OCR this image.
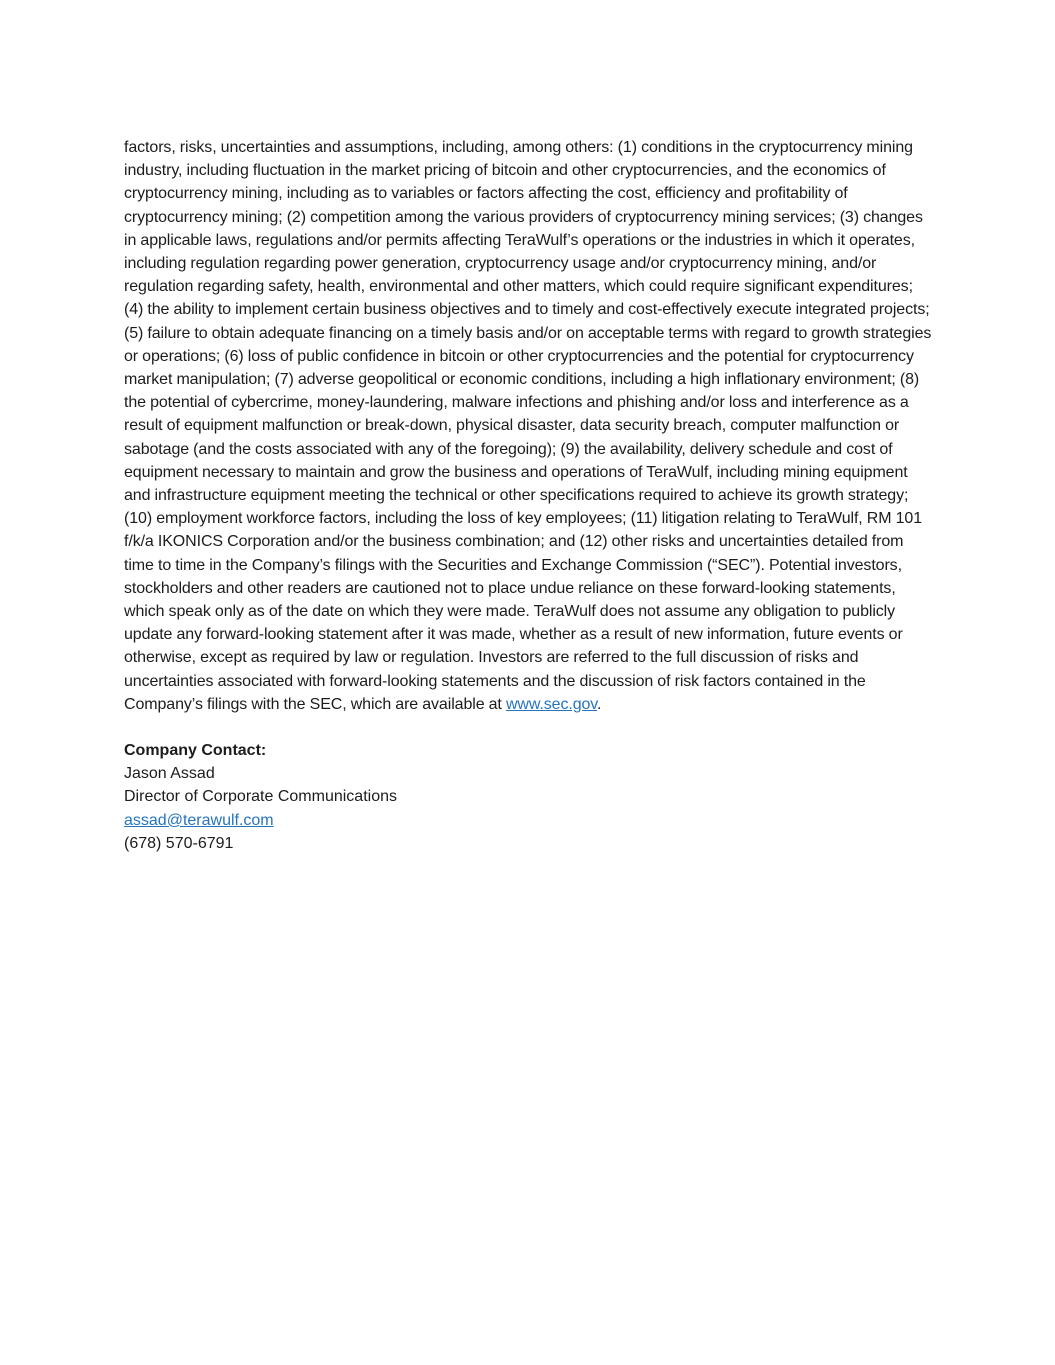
factors, risks, uncertainties and assumptions, including, among others: (1) conditions in the cryptocurrency mining industry, including fluctuation in the market pricing of bitcoin and other cryptocurrencies, and the economics of cryptocurrency mining, including as to variables or factors affecting the cost, efficiency and profitability of cryptocurrency mining; (2) competition among the various providers of cryptocurrency mining services; (3) changes in applicable laws, regulations and/or permits affecting TeraWulf’s operations or the industries in which it operates, including regulation regarding power generation, cryptocurrency usage and/or cryptocurrency mining, and/or regulation regarding safety, health, environmental and other matters, which could require significant expenditures; (4) the ability to implement certain business objectives and to timely and cost-effectively execute integrated projects; (5) failure to obtain adequate financing on a timely basis and/or on acceptable terms with regard to growth strategies or operations; (6) loss of public confidence in bitcoin or other cryptocurrencies and the potential for cryptocurrency market manipulation; (7) adverse geopolitical or economic conditions, including a high inflationary environment; (8) the potential of cybercrime, money-laundering, malware infections and phishing and/or loss and interference as a result of equipment malfunction or break-down, physical disaster, data security breach, computer malfunction or sabotage (and the costs associated with any of the foregoing); (9) the availability, delivery schedule and cost of equipment necessary to maintain and grow the business and operations of TeraWulf, including mining equipment and infrastructure equipment meeting the technical or other specifications required to achieve its growth strategy; (10) employment workforce factors, including the loss of key employees; (11) litigation relating to TeraWulf, RM 101 f/k/a IKONICS Corporation and/or the business combination; and (12) other risks and uncertainties detailed from time to time in the Company’s filings with the Securities and Exchange Commission (“SEC”). Potential investors, stockholders and other readers are cautioned not to place undue reliance on these forward-looking statements, which speak only as of the date on which they were made. TeraWulf does not assume any obligation to publicly update any forward-looking statement after it was made, whether as a result of new information, future events or otherwise, except as required by law or regulation. Investors are referred to the full discussion of risks and uncertainties associated with forward-looking statements and the discussion of risk factors contained in the Company’s filings with the SEC, which are available at www.sec.gov.

Company Contact:
Jason Assad
Director of Corporate Communications
assad@terawulf.com
(678) 570-6791
